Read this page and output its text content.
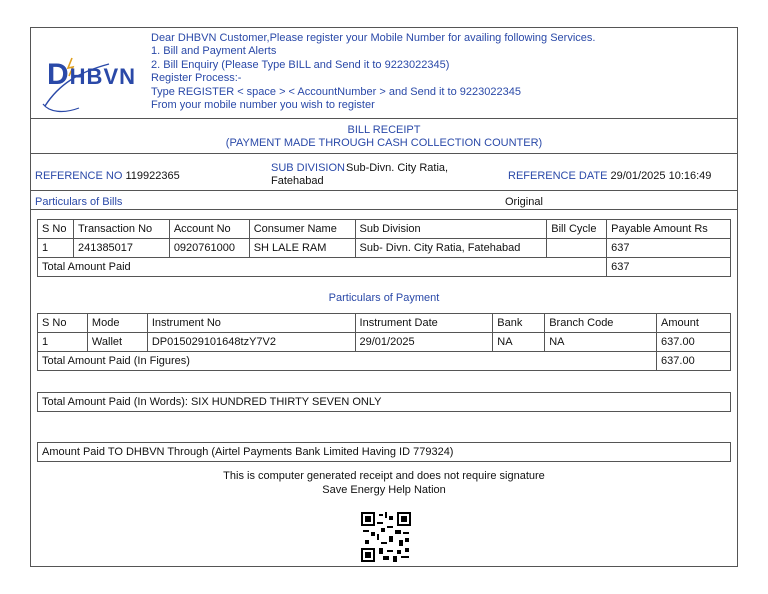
DHBVN
Dear DHBVN Customer,Please register your Mobile Number for availing following Services.
1. Bill and Payment Alerts
2. Bill Enquiry (Please Type BILL and Send it to 9223022345)
Register Process:-
Type REGISTER < space > < AccountNumber > and Send it to 9223022345
From your mobile number you wish to register
BILL RECEIPT
(PAYMENT MADE THROUGH CASH COLLECTION COUNTER)
REFERENCE NO 119922365
SUB DIVISION Sub-Divn. City Ratia,
Fatehabad	REFERENCE DATE 29/01/2025 10:16:49
Particulars of Bills	Original
S No	Transaction No	Account No	Consumer Name	Sub Division	Bill Cycle	Payable Amount Rs
1	241385017	0920761000	SH LALE RAM	Sub- Divn. City Ratia, Fatehabad		637
Total Amount Paid						637
Particulars of Payment
S No	Mode	Instrument No	Instrument Date	Bank	Branch Code	Amount
1	Wallet	DP015029101648tzY7V2	29/01/2025	NA	NA	637.00
Total Amount Paid (In Figures)						637.00
Total Amount Paid (In Words): SIX HUNDRED THIRTY SEVEN ONLY
Amount Paid TO DHBVN Through (Airtel Payments Bank Limited Having ID 779324)
This is computer generated receipt and does not require signature
Save Energy Help Nation
